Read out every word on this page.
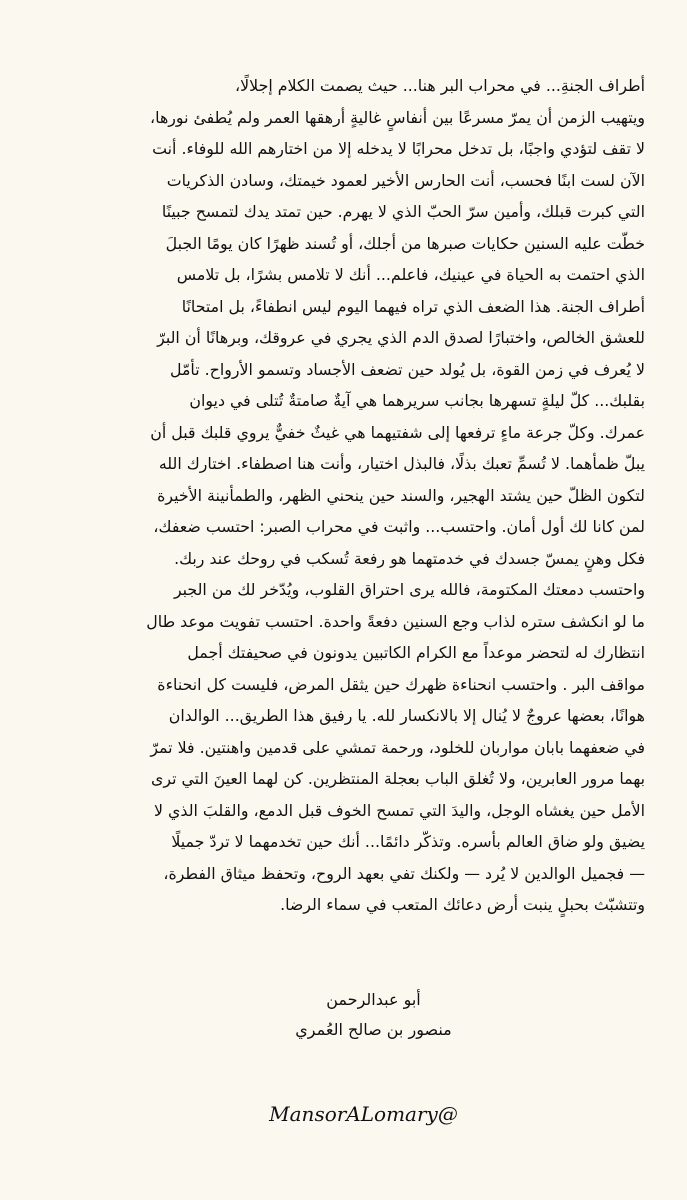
أطراف الجنةِ... في محراب البر هنا... حيث يصمت الكلام إجلالًا،
ويتهيب الزمن أن يمرّ مسرعًا بين أنفاسٍ غاليةٍ أرهقها العمر ولم يُطفئ نورها،
لا تقف لتؤدي واجبًا، بل تدخل محرابًا لا يدخله إلا من اختارهم الله للوفاء. أنت
الآن لست ابنًا فحسب، أنت الحارس الأخير لعمود خيمتك، وسادن الذكريات
التي كبرت قبلك، وأمين سرّ الحبّ الذي لا يهرم. حين تمتد يدك لتمسح جبينًا
خطّت عليه السنين حكايات صبرها من أجلك، أو تُسند ظهرًا كان يومًا الجبلَ
الذي احتمت به الحياة في عينيك، فاعلم... أنك لا تلامس بشرًا، بل تلامس
أطراف الجنة. هذا الضعف الذي تراه فيهما اليوم ليس انطفاءً، بل امتحانًا
للعشق الخالص، واختبارًا لصدق الدم الذي يجري في عروقك، وبرهانًا أن البرّ
لا يُعرف في زمن القوة، بل يُولد حين تضعف الأجساد وتسمو الأرواح. تأمّل
بقلبك... كلّ ليلةٍ تسهرها بجانب سريرهما هي آيةٌ صامتةٌ تُتلى في ديوان
عمرك. وكلّ جرعة ماءٍ ترفعها إلى شفتيهما هي غيثٌ خفيٌّ يروي قلبك قبل أن
يبلّ ظمأهما. لا تُسمِّ تعبك بذلًا، فالبذل اختيار، وأنت هنا اصطفاء. اختارك الله
لتكون الظلّ حين يشتد الهجير، والسند حين ينحني الظهر، والطمأنينة الأخيرة
لمن كانا لك أول أمان. واحتسب... واثبت في محراب الصبر: احتسب ضعفك،
فكل وهنٍ يمسّ جسدك في خدمتهما هو رفعة تُسكب في روحك عند ربك.
واحتسب دمعتك المكتومة، فالله يرى احتراق القلوب، ويُدّخر لك من الجبر
ما لو انكشف ستره لذاب وجع السنين دفعةً واحدة. احتسب تفويت موعد طال
انتظارك له لتحضر موعداً مع الكرام الكاتبين يدونون في صحيفتك أجمل
مواقف البر . واحتسب انحناءة ظهرك حين يثقل المرض، فليست كل انحناءة
هوانًا، بعضها عروجٌ لا يُنال إلا بالانكسار لله. يا رفيق هذا الطريق... الوالدان
في ضعفهما بابان مواربان للخلود، ورحمة تمشي على قدمين واهنتين. فلا تمرّ
بهما مرور العابرين، ولا تُغلق الباب بعجلة المنتظرين. كن لهما العينَ التي ترى
الأمل حين يغشاه الوجل، واليدَ التي تمسح الخوف قبل الدمع، والقلبَ الذي لا
يضيق ولو ضاق العالم بأسره. وتذكّر دائمًا... أنك حين تخدمهما لا تردّ جميلًا
— فجميل الوالدين لا يُرد — ولكنك تفي بعهد الروح، وتحفظ ميثاق الفطرة،
وتتشبّث بحبلٍ ينبت أرض دعائك المتعب في سماء الرضا.
أبو عبدالرحمن
منصور بن صالح العُمري
MansorALomary@
